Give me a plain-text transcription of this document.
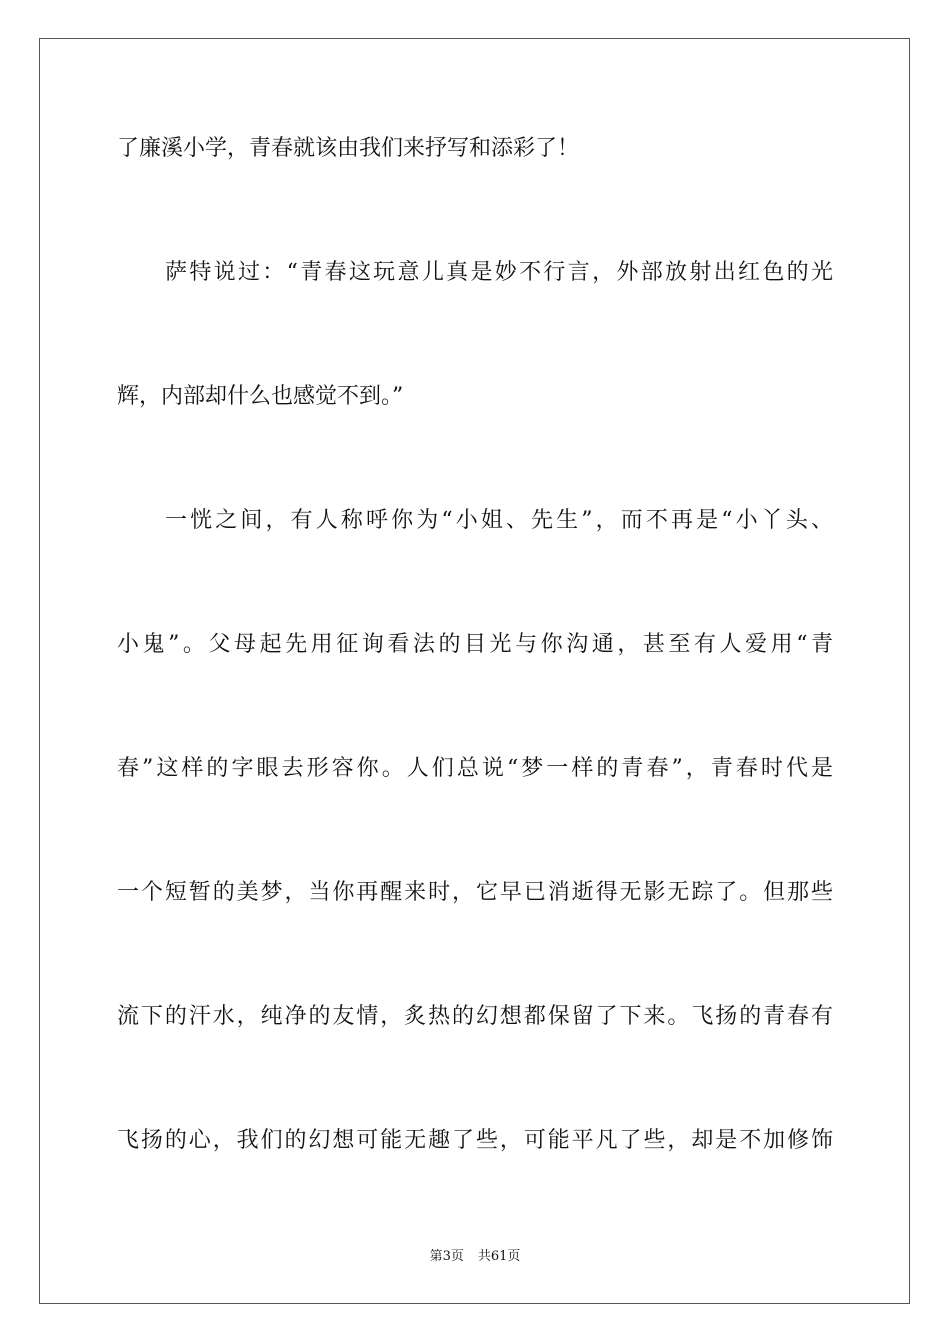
了廉溪小学，青春就该由我们来抒写和添彩了！
萨特说过：“青春这玩意儿真是妙不行言，外部放射出红色的光
辉，内部却什么也感觉不到。”
一恍之间，有人称呼你为“小姐、先生”，而不再是“小丫头、
小鬼”。父母起先用征询看法的目光与你沟通，甚至有人爱用“青
春”这样的字眼去形容你。人们总说“梦一样的青春”，青春时代是
一个短暂的美梦，当你再醒来时，它早已消逝得无影无踪了。但那些
流下的汗水，纯净的友情，炙热的幻想都保留了下来。飞扬的青春有
飞扬的心，我们的幻想可能无趣了些，可能平凡了些，却是不加修饰
第3页 共61页
